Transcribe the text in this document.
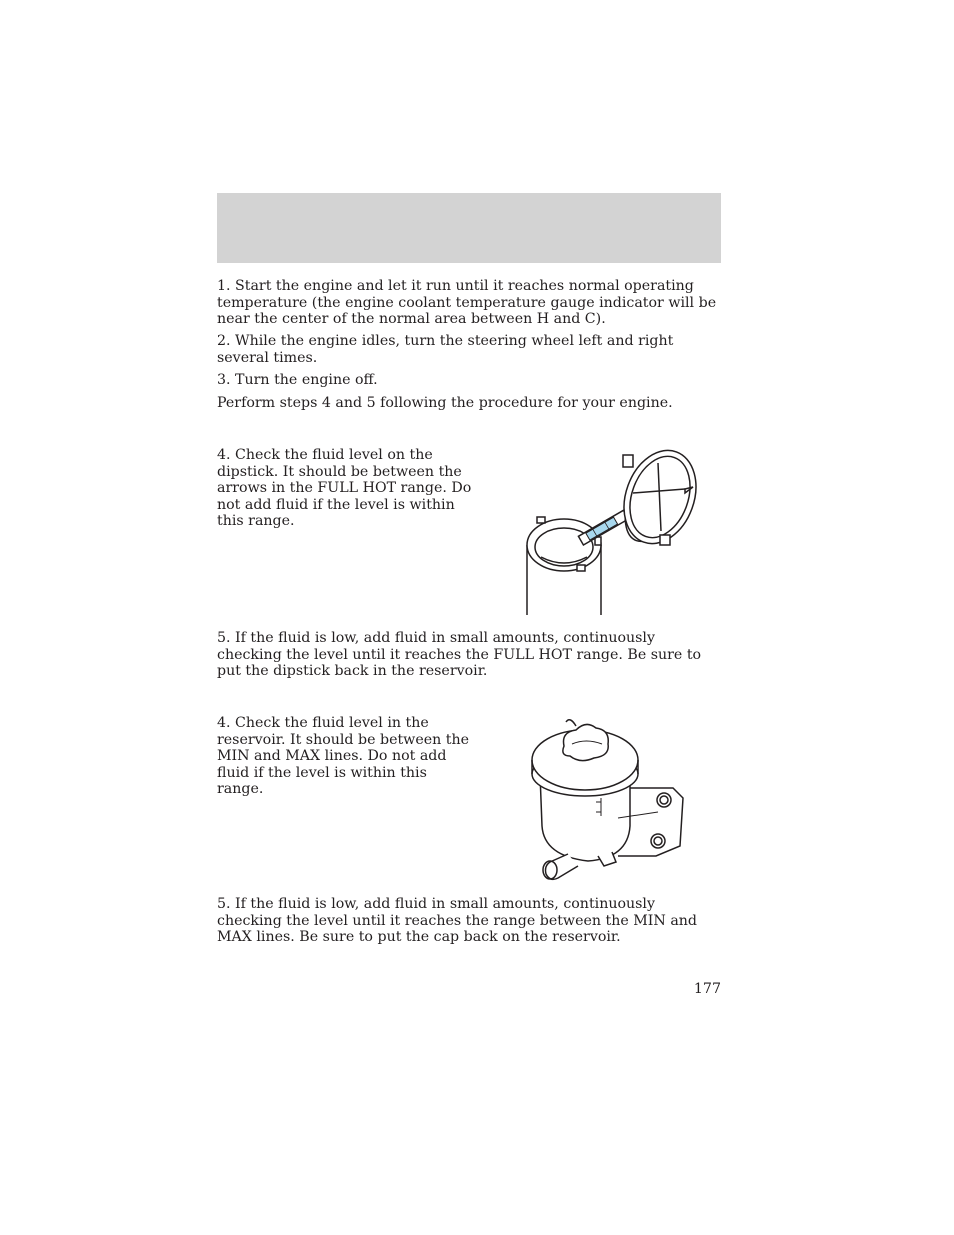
1. Start the engine and let it run until it reaches normal operating temperature (the engine coolant temperature gauge indicator will be near the center of the normal area between H and C).

2. While the engine idles, turn the steering wheel left and right several times.

3. Turn the engine off.

Perform steps 4 and 5 following the procedure for your engine.

4. Check the fluid level on the dipstick. It should be between the arrows in the FULL HOT range. Do not add fluid if the level is within this range.

5. If the fluid is low, add fluid in small amounts, continuously checking the level until it reaches the FULL HOT range. Be sure to put the dipstick back in the reservoir.

4. Check the fluid level in the reservoir. It should be between the MIN and MAX lines. Do not add fluid if the level is within this range.

5. If the fluid is low, add fluid in small amounts, continuously checking the level until it reaches the range between the MIN and MAX lines. Be sure to put the cap back on the reservoir.

177
